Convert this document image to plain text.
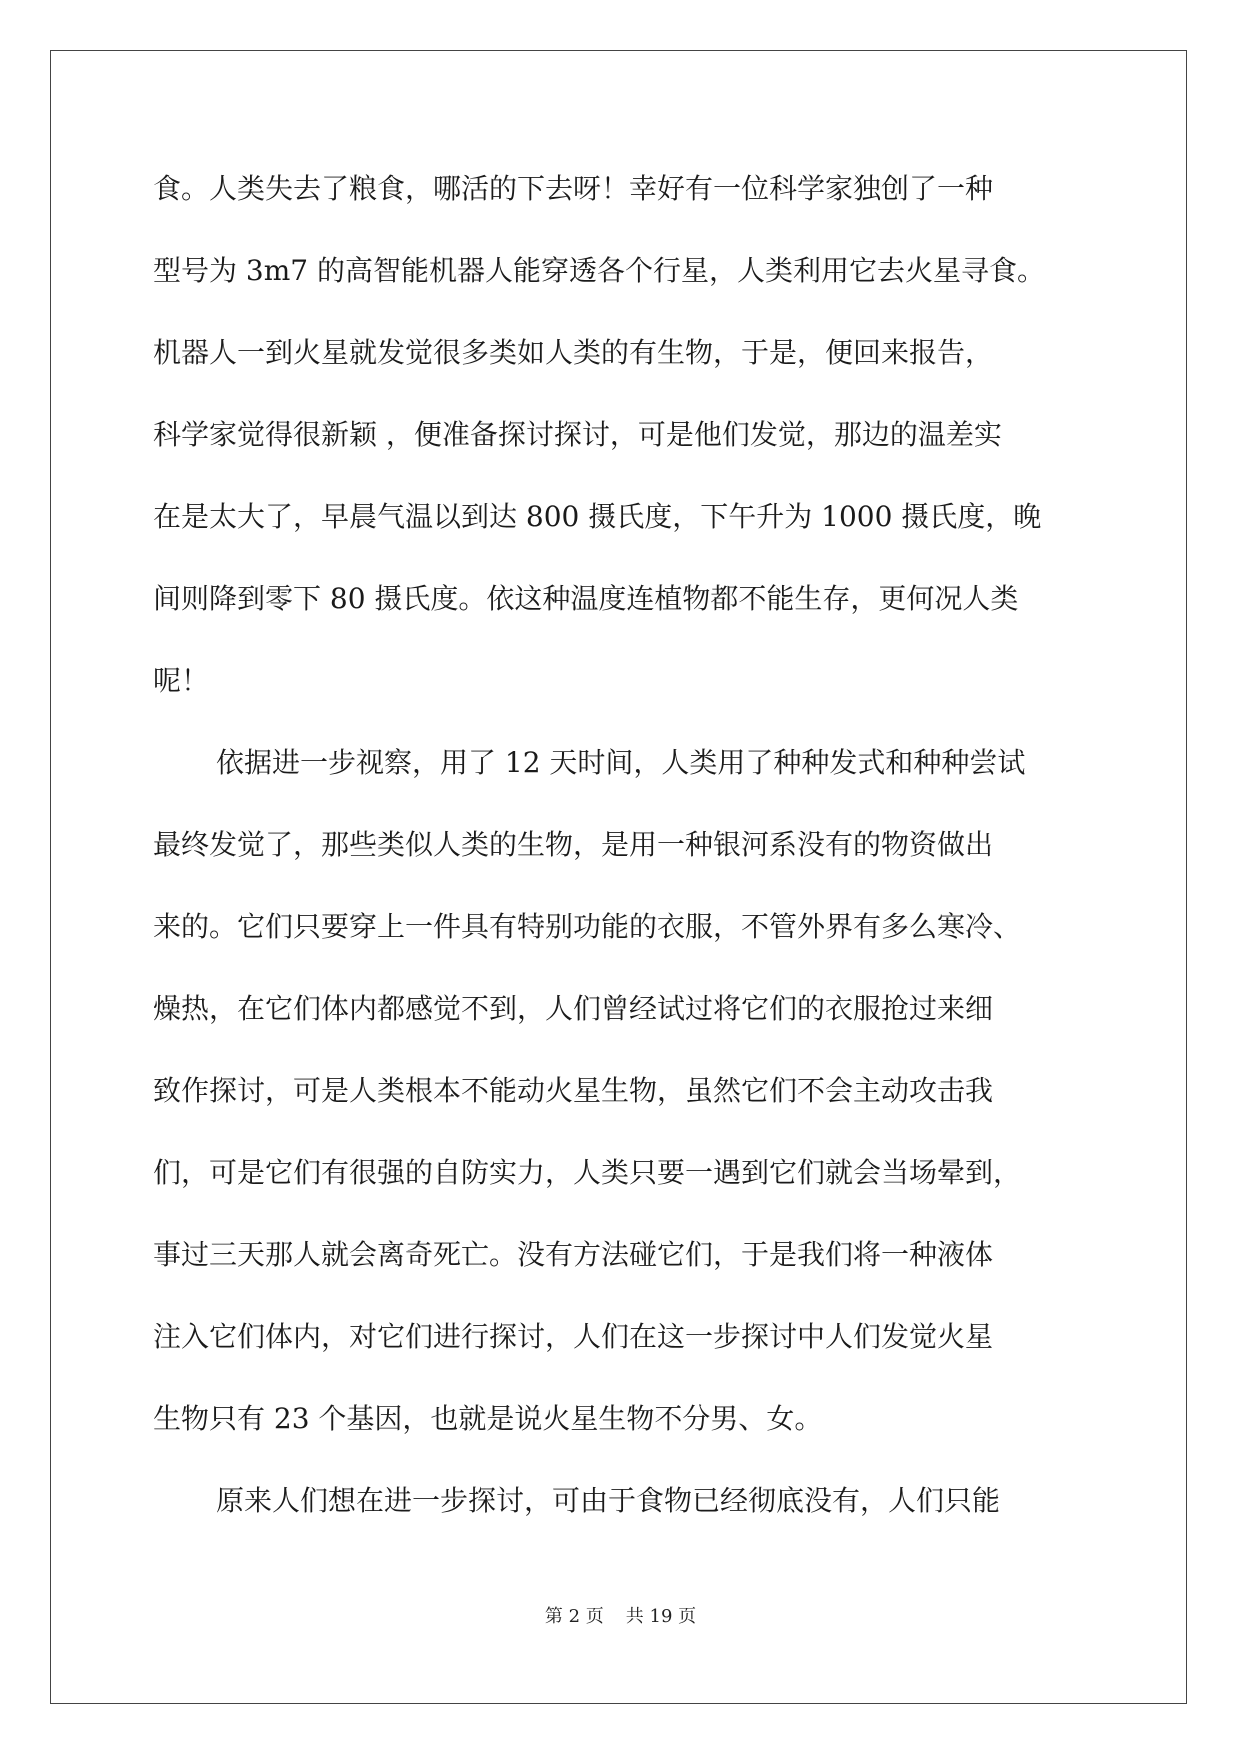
食。人类失去了粮食，哪活的下去呀！幸好有一位科学家独创了一种
型号为 3m7 的高智能机器人能穿透各个行星，人类利用它去火星寻食。
机器人一到火星就发觉很多类如人类的有生物，于是，便回来报告，
科学家觉得很新颖 ，便准备探讨探讨，可是他们发觉，那边的温差实
在是太大了，早晨气温以到达 800 摄氏度，下午升为 1000 摄氏度，晚
间则降到零下 80 摄氏度。依这种温度连植物都不能生存，更何况人类
呢！
依据进一步视察，用了 12 天时间，人类用了种种发式和种种尝试
最终发觉了，那些类似人类的生物，是用一种银河系没有的物资做出
来的。它们只要穿上一件具有特别功能的衣服，不管外界有多么寒冷、
燥热，在它们体内都感觉不到，人们曾经试过将它们的衣服抢过来细
致作探讨，可是人类根本不能动火星生物，虽然它们不会主动攻击我
们，可是它们有很强的自防实力，人类只要一遇到它们就会当场晕到，
事过三天那人就会离奇死亡。没有方法碰它们，于是我们将一种液体
注入它们体内，对它们进行探讨，人们在这一步探讨中人们发觉火星
生物只有 23 个基因，也就是说火星生物不分男、女。
原来人们想在进一步探讨，可由于食物已经彻底没有，人们只能
第 2 页 共 19 页
